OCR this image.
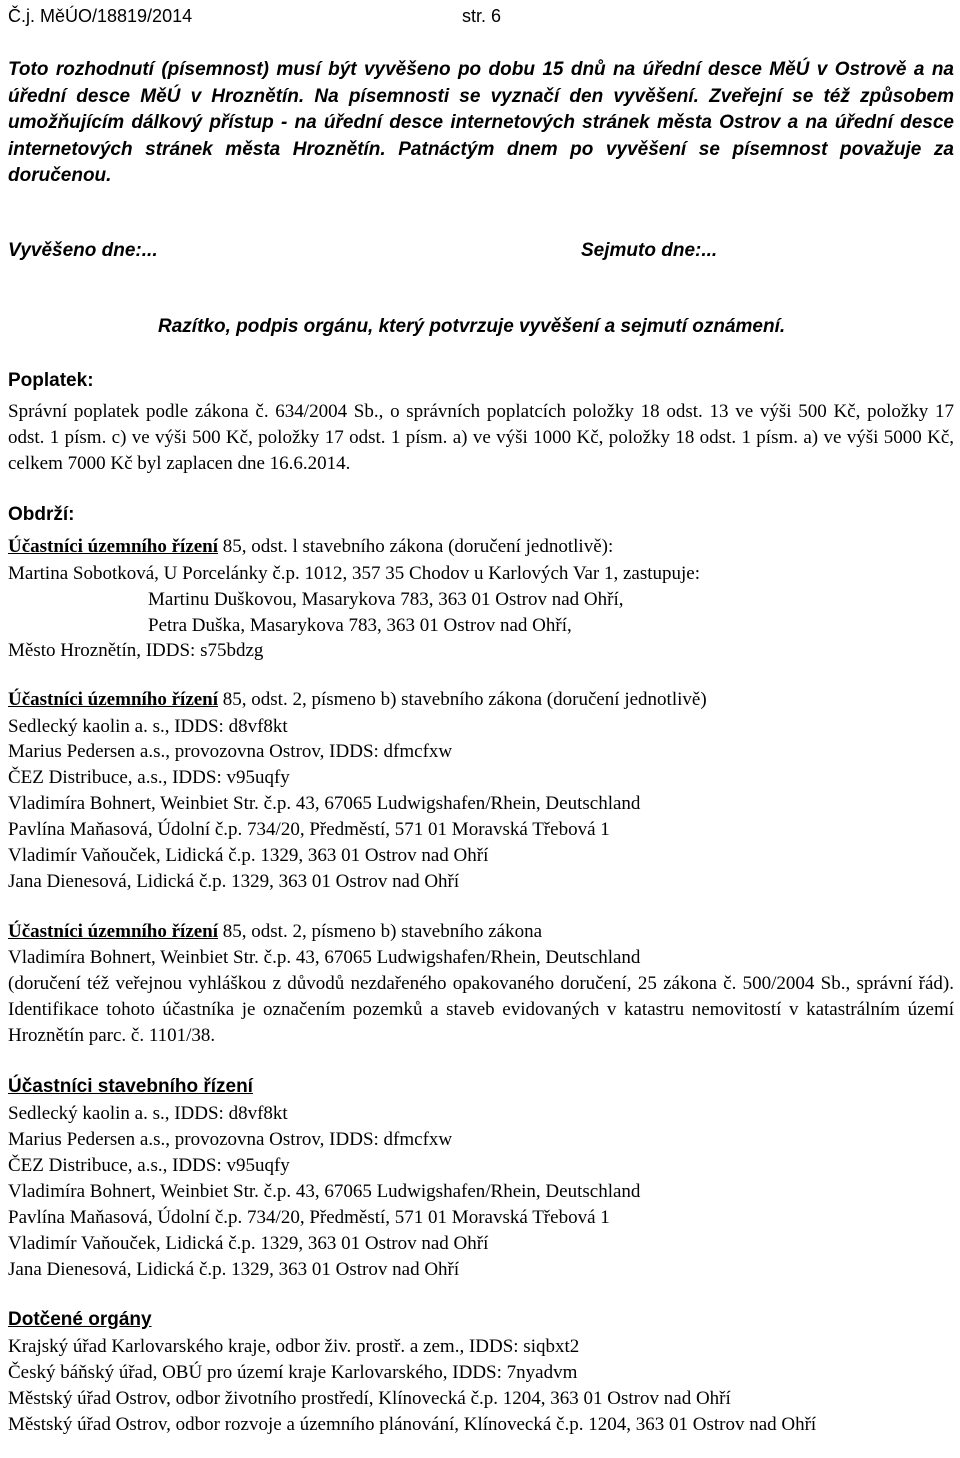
Č.j. MěÚO/18819/2014	str. 6
Toto rozhodnutí (písemnost) musí být vyvěšeno po dobu 15 dnů na úřední desce MěÚ v Ostrově a na úřední desce MěÚ v Hroznětín. Na písemnosti se vyznačí den vyvěšení. Zveřejní se též způsobem umožňujícím dálkový přístup - na úřední desce internetových stránek města Ostrov a na úřední desce internetových stránek města Hroznětín. Patnáctým dnem po vyvěšení se písemnost považuje za doručenou.
Vyvěšeno dne:...	Sejmuto dne:...
Razítko, podpis orgánu, který potvrzuje vyvěšení a sejmutí oznámení.
Poplatek:
Správní poplatek podle zákona č. 634/2004 Sb., o správních poplatcích položky 18 odst. 13 ve výši 500 Kč, položky 17 odst. 1 písm. c) ve výši 500 Kč, položky 17 odst. 1 písm. a) ve výši 1000 Kč, položky 18 odst. 1 písm. a) ve výši 5000 Kč, celkem 7000 Kč byl zaplacen dne 16.6.2014.
Obdrží:
Účastníci územního řízení 85, odst. l stavebního zákona (doručení jednotlivě):
Martina Sobotková, U Porcelánky č.p. 1012, 357 35 Chodov u Karlových Var 1, zastupuje:
Martinu Duškovou, Masarykova 783, 363 01 Ostrov nad Ohří,
Petra Duška, Masarykova 783, 363 01 Ostrov nad Ohří,
Město Hroznětín, IDDS: s75bdzg
Účastníci územního řízení 85, odst. 2, písmeno b) stavebního zákona (doručení jednotlivě)
Sedlecký kaolin a. s., IDDS: d8vf8kt
Marius Pedersen a.s., provozovna Ostrov, IDDS: dfmcfxw
ČEZ Distribuce, a.s., IDDS: v95uqfy
Vladimíra Bohnert, Weinbiet Str. č.p. 43, 67065 Ludwigshafen/Rhein, Deutschland
Pavlína Maňasová, Údolní č.p. 734/20, Předměstí, 571 01 Moravská Třebová 1
Vladimír Vaňouček, Lidická č.p. 1329, 363 01 Ostrov nad Ohří
Jana Dienesová, Lidická č.p. 1329, 363 01 Ostrov nad Ohří
Účastníci územního řízení 85, odst. 2, písmeno b) stavebního zákona
Vladimíra Bohnert, Weinbiet Str. č.p. 43, 67065 Ludwigshafen/Rhein, Deutschland
(doručení též veřejnou vyhláškou z důvodů nezdařeného opakovaného doručení, 25 zákona č. 500/2004 Sb., správní řád). Identifikace tohoto účastníka je označením pozemků a staveb evidovaných v katastru nemovitostí v katastrálním území Hroznětín parc. č. 1101/38.
Účastníci stavebního řízení
Sedlecký kaolin a. s., IDDS: d8vf8kt
Marius Pedersen a.s., provozovna Ostrov, IDDS: dfmcfxw
ČEZ Distribuce, a.s., IDDS: v95uqfy
Vladimíra Bohnert, Weinbiet Str. č.p. 43, 67065 Ludwigshafen/Rhein, Deutschland
Pavlína Maňasová, Údolní č.p. 734/20, Předměstí, 571 01 Moravská Třebová 1
Vladimír Vaňouček, Lidická č.p. 1329, 363 01 Ostrov nad Ohří
Jana Dienesová, Lidická č.p. 1329, 363 01 Ostrov nad Ohří
Dotčené orgány
Krajský úřad Karlovarského kraje, odbor živ. prostř. a zem., IDDS: siqbxt2
Český báňský úřad, OBÚ pro území kraje Karlovarského, IDDS: 7nyadvm
Městský úřad Ostrov, odbor životního prostředí, Klínovecká č.p. 1204, 363 01 Ostrov nad Ohří
Městský úřad Ostrov, odbor rozvoje a územního plánování, Klínovecká č.p. 1204, 363 01 Ostrov nad Ohří
